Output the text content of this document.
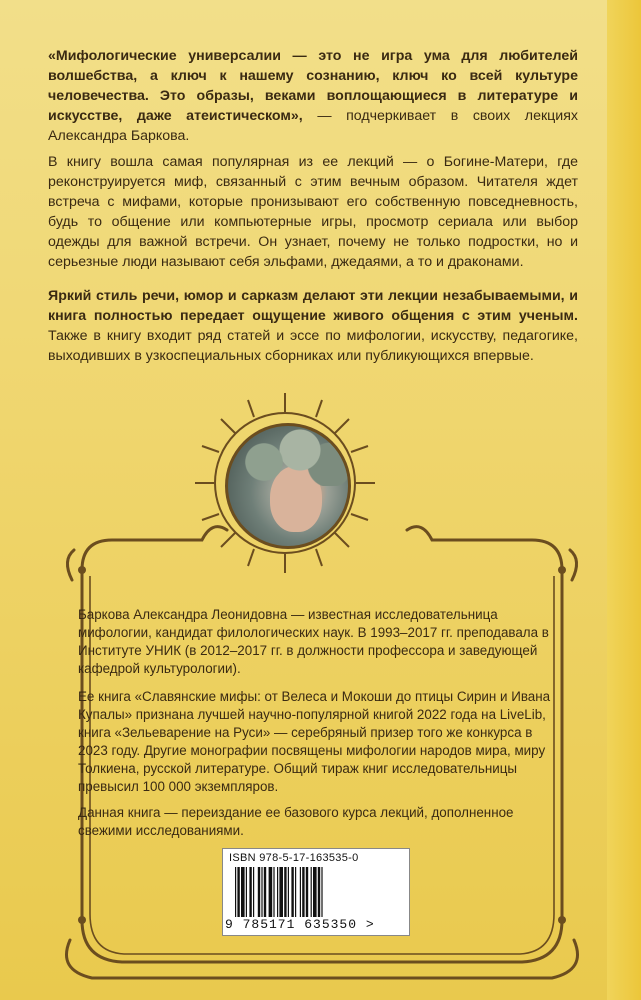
«Мифологические универсалии — это не игра ума для любителей волшебства, а ключ к нашему сознанию, ключ ко всей культуре человечества. Это образы, веками воплощающиеся в литературе и искусстве, даже атеистическом», — подчеркивает в своих лекциях Александра Баркова.

В книгу вошла самая популярная из ее лекций — о Богине-Матери, где реконструируется миф, связанный с этим вечным образом. Читателя ждет встреча с мифами, которые пронизывают его собственную повседневность, будь то общение или компьютерные игры, просмотр сериала или выбор одежды для важной встречи. Он узнает, почему не только подростки, но и серьезные люди называют себя эльфами, джедаями, а то и драконами.

Яркий стиль речи, юмор и сарказм делают эти лекции незабываемыми, и книга полностью передает ощущение живого общения с этим ученым. Также в книгу входит ряд статей и эссе по мифологии, искусству, педагогике, выходивших в узкоспециальных сборниках или публикующихся впервые.

Баркова Александра Леонидовна — известная исследовательница мифологии, кандидат филологических наук. В 1993–2017 гг. преподавала в Институте УНИК (в 2012–2017 гг. в должности профессора и заведующей кафедрой культурологии).

Ее книга «Славянские мифы: от Велеса и Мокоши до птицы Сирин и Ивана Купалы» признана лучшей научно-популярной книгой 2022 года на LiveLib, книга «Зельеварение на Руси» — серебряный призер того же конкурса в 2023 году. Другие монографии посвящены мифологии народов мира, миру Толкиена, русской литературе. Общий тираж книг исследовательницы превысил 100 000 экземпляров.

Данная книга — переиздание ее базового курса лекций, дополненное свежими исследованиями.

ISBN 978-5-17-163535-0
9 785171 635350 >
